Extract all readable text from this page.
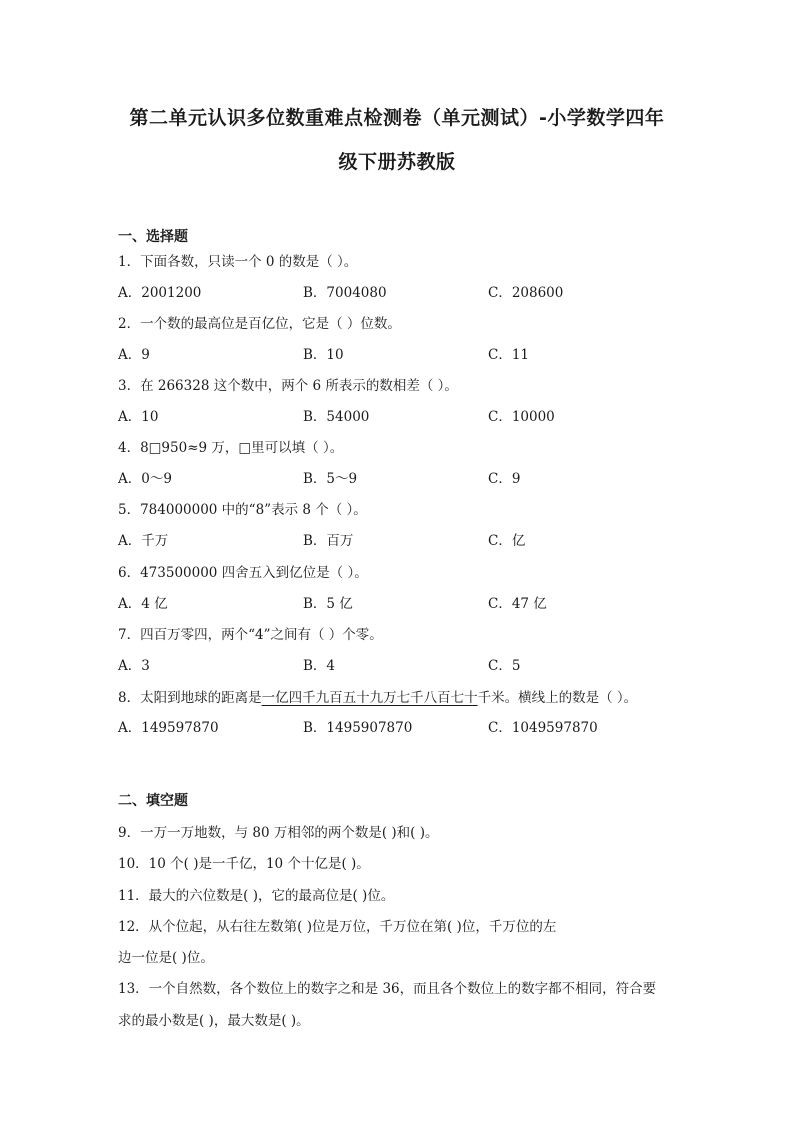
第二单元认识多位数重难点检测卷（单元测试）-小学数学四年
级下册苏教版
一、选择题
1．下面各数，只读一个 0 的数是（ ）。
A．2001200	B．7004080	C．208600
2．一个数的最高位是百亿位，它是（ ）位数。
A．9	B．10	C．11
3．在 266328 这个数中，两个 6 所表示的数相差（ ）。
A．10	B．54000	C．10000
4．8□950≈9 万，□里可以填（ ）。
A．0～9	B．5～9	C．9
5．784000000 中的“8”表示 8 个（ ）。
A．千万	B．百万	C．亿
6．473500000 四舍五入到亿位是（ ）。
A．4 亿	B．5 亿	C．47 亿
7．四百万零四，两个“4”之间有（ ）个零。
A．3	B．4	C．5
8．太阳到地球的距离是一亿四千九百五十九万七千八百七十千米。横线上的数是（ ）。
A．149597870	B．1495907870	C．1049597870
二、填空题
9．一万一万地数，与 80 万相邻的两个数是( )和( )。
10．10 个( )是一千亿，10 个十亿是( )。
11．最大的六位数是( )，它的最高位是( )位。
12．从个位起，从右往左数第( )位是万位，千万位在第( )位，千万位的左
边一位是( )位。
13．一个自然数，各个数位上的数字之和是 36，而且各个数位上的数字都不相同，符合要
求的最小数是( )，最大数是( )。
